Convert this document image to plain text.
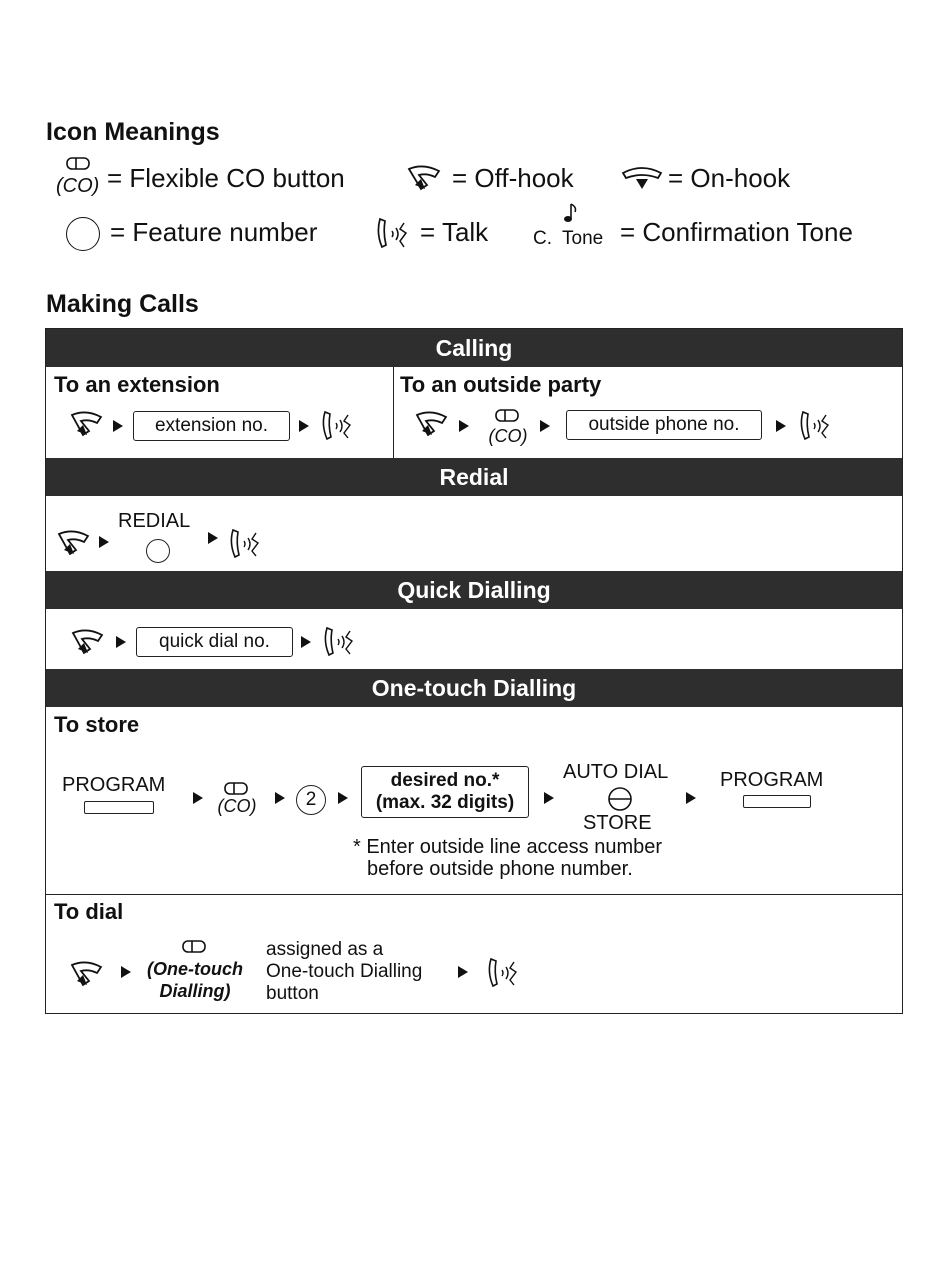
Icon Meanings
(CO) = Flexible CO button	= Off-hook	= On-hook
= Feature number	= Talk C. Tone = Confirmation Tone
Making Calls
Calling
To an extension
extension no.
To an outside party
(CO)
outside phone no.
Redial
REDIAL
Quick Dialling
quick dial no.
One-touch Dialling
To store
PROGRAM
(CO)	2
desired no.*
(max. 32 digits)
AUTO DIAL
STORE
PROGRAM
* Enter outside line access number
before outside phone number.
To dial
(One-touch
Dialling)
assigned as a
One-touch Dialling
button
